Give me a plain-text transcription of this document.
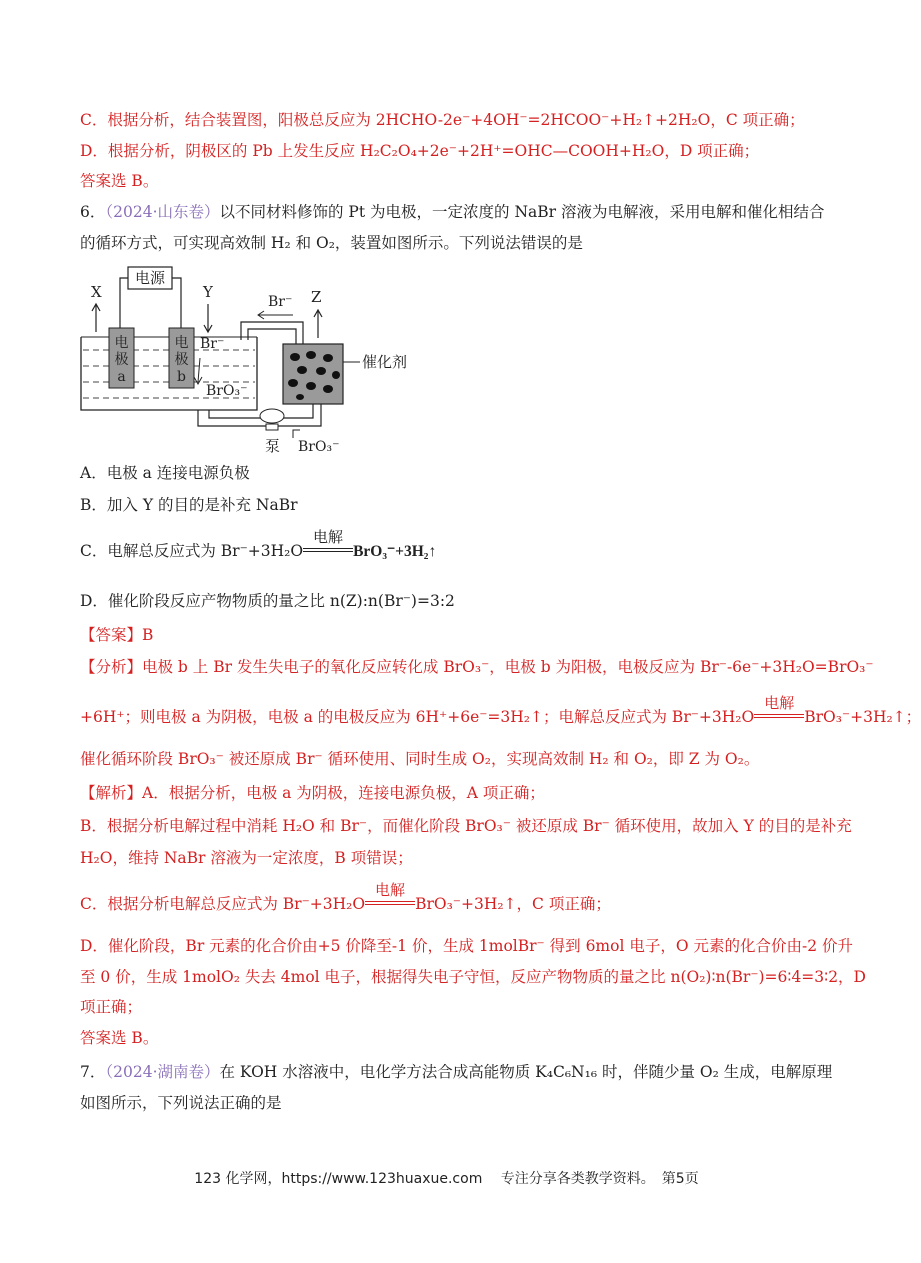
C．根据分析，结合装置图，阳极总反应为 2HCHO-2e⁻+4OH⁻=2HCOO⁻+H₂↑+2H₂O，C 项正确；
D．根据分析，阴极区的 Pb 上发生反应 H₂C₂O₄+2e⁻+2H⁺=OHC—COOH+H₂O，D 项正确；
答案选 B。
6．（2024·山东卷）以不同材料修饰的 Pt 为电极，一定浓度的 NaBr 溶液为电解液，采用电解和催化相结合
的循环方式，可实现高效制 H₂ 和 O₂，装置如图所示。下列说法错误的是
电源
X	Y
电
极
a
电
极
b
Br⁻
BrO₃⁻
Br⁻ Z
催化剂
泵 BrO₃⁻
A．电极 a 连接电源负极
B．加入 Y 的目的是补充 NaBr
C．电解总反应式为 Br⁻+3H₂O
电解
BrO₃⁻+3H₂↑
D．催化阶段反应产物物质的量之比 n(Z):n(Br⁻)=3:2
【答案】B
【分析】电极 b 上 Br 发生失电子的氧化反应转化成 BrO₃⁻，电极 b 为阳极，电极反应为 Br⁻-6e⁻+3H₂O=BrO₃⁻
+6H⁺；则电极 a 为阴极，电极 a 的电极反应为 6H⁺+6e⁻=3H₂↑；电解总反应式为 Br⁻+3H₂O
电解
BrO₃⁻+3H₂↑；
催化循环阶段 BrO₃⁻ 被还原成 Br⁻ 循环使用、同时生成 O₂，实现高效制 H₂ 和 O₂，即 Z 为 O₂。
【解析】A．根据分析，电极 a 为阴极，连接电源负极，A 项正确；
B．根据分析电解过程中消耗 H₂O 和 Br⁻，而催化阶段 BrO₃⁻ 被还原成 Br⁻ 循环使用，故加入 Y 的目的是补充
H₂O，维持 NaBr 溶液为一定浓度，B 项错误；
C．根据分析电解总反应式为 Br⁻+3H₂O
电解
BrO₃⁻+3H₂↑，C 项正确；
D．催化阶段，Br 元素的化合价由+5 价降至-1 价，生成 1molBr⁻ 得到 6mol 电子，O 元素的化合价由-2 价升
至 0 价，生成 1molO₂ 失去 4mol 电子，根据得失电子守恒，反应产物物质的量之比 n(O₂)∶n(Br⁻)=6∶4=3∶2，D
项正确；
答案选 B。
7．（2024·湖南卷）在 KOH 水溶液中，电化学方法合成高能物质 K₄C₆N₁₆ 时，伴随少量 O₂ 生成，电解原理
如图所示，下列说法正确的是
123 化学网，https://www.123huaxue.com　 专注分享各类教学资料。　第5页
